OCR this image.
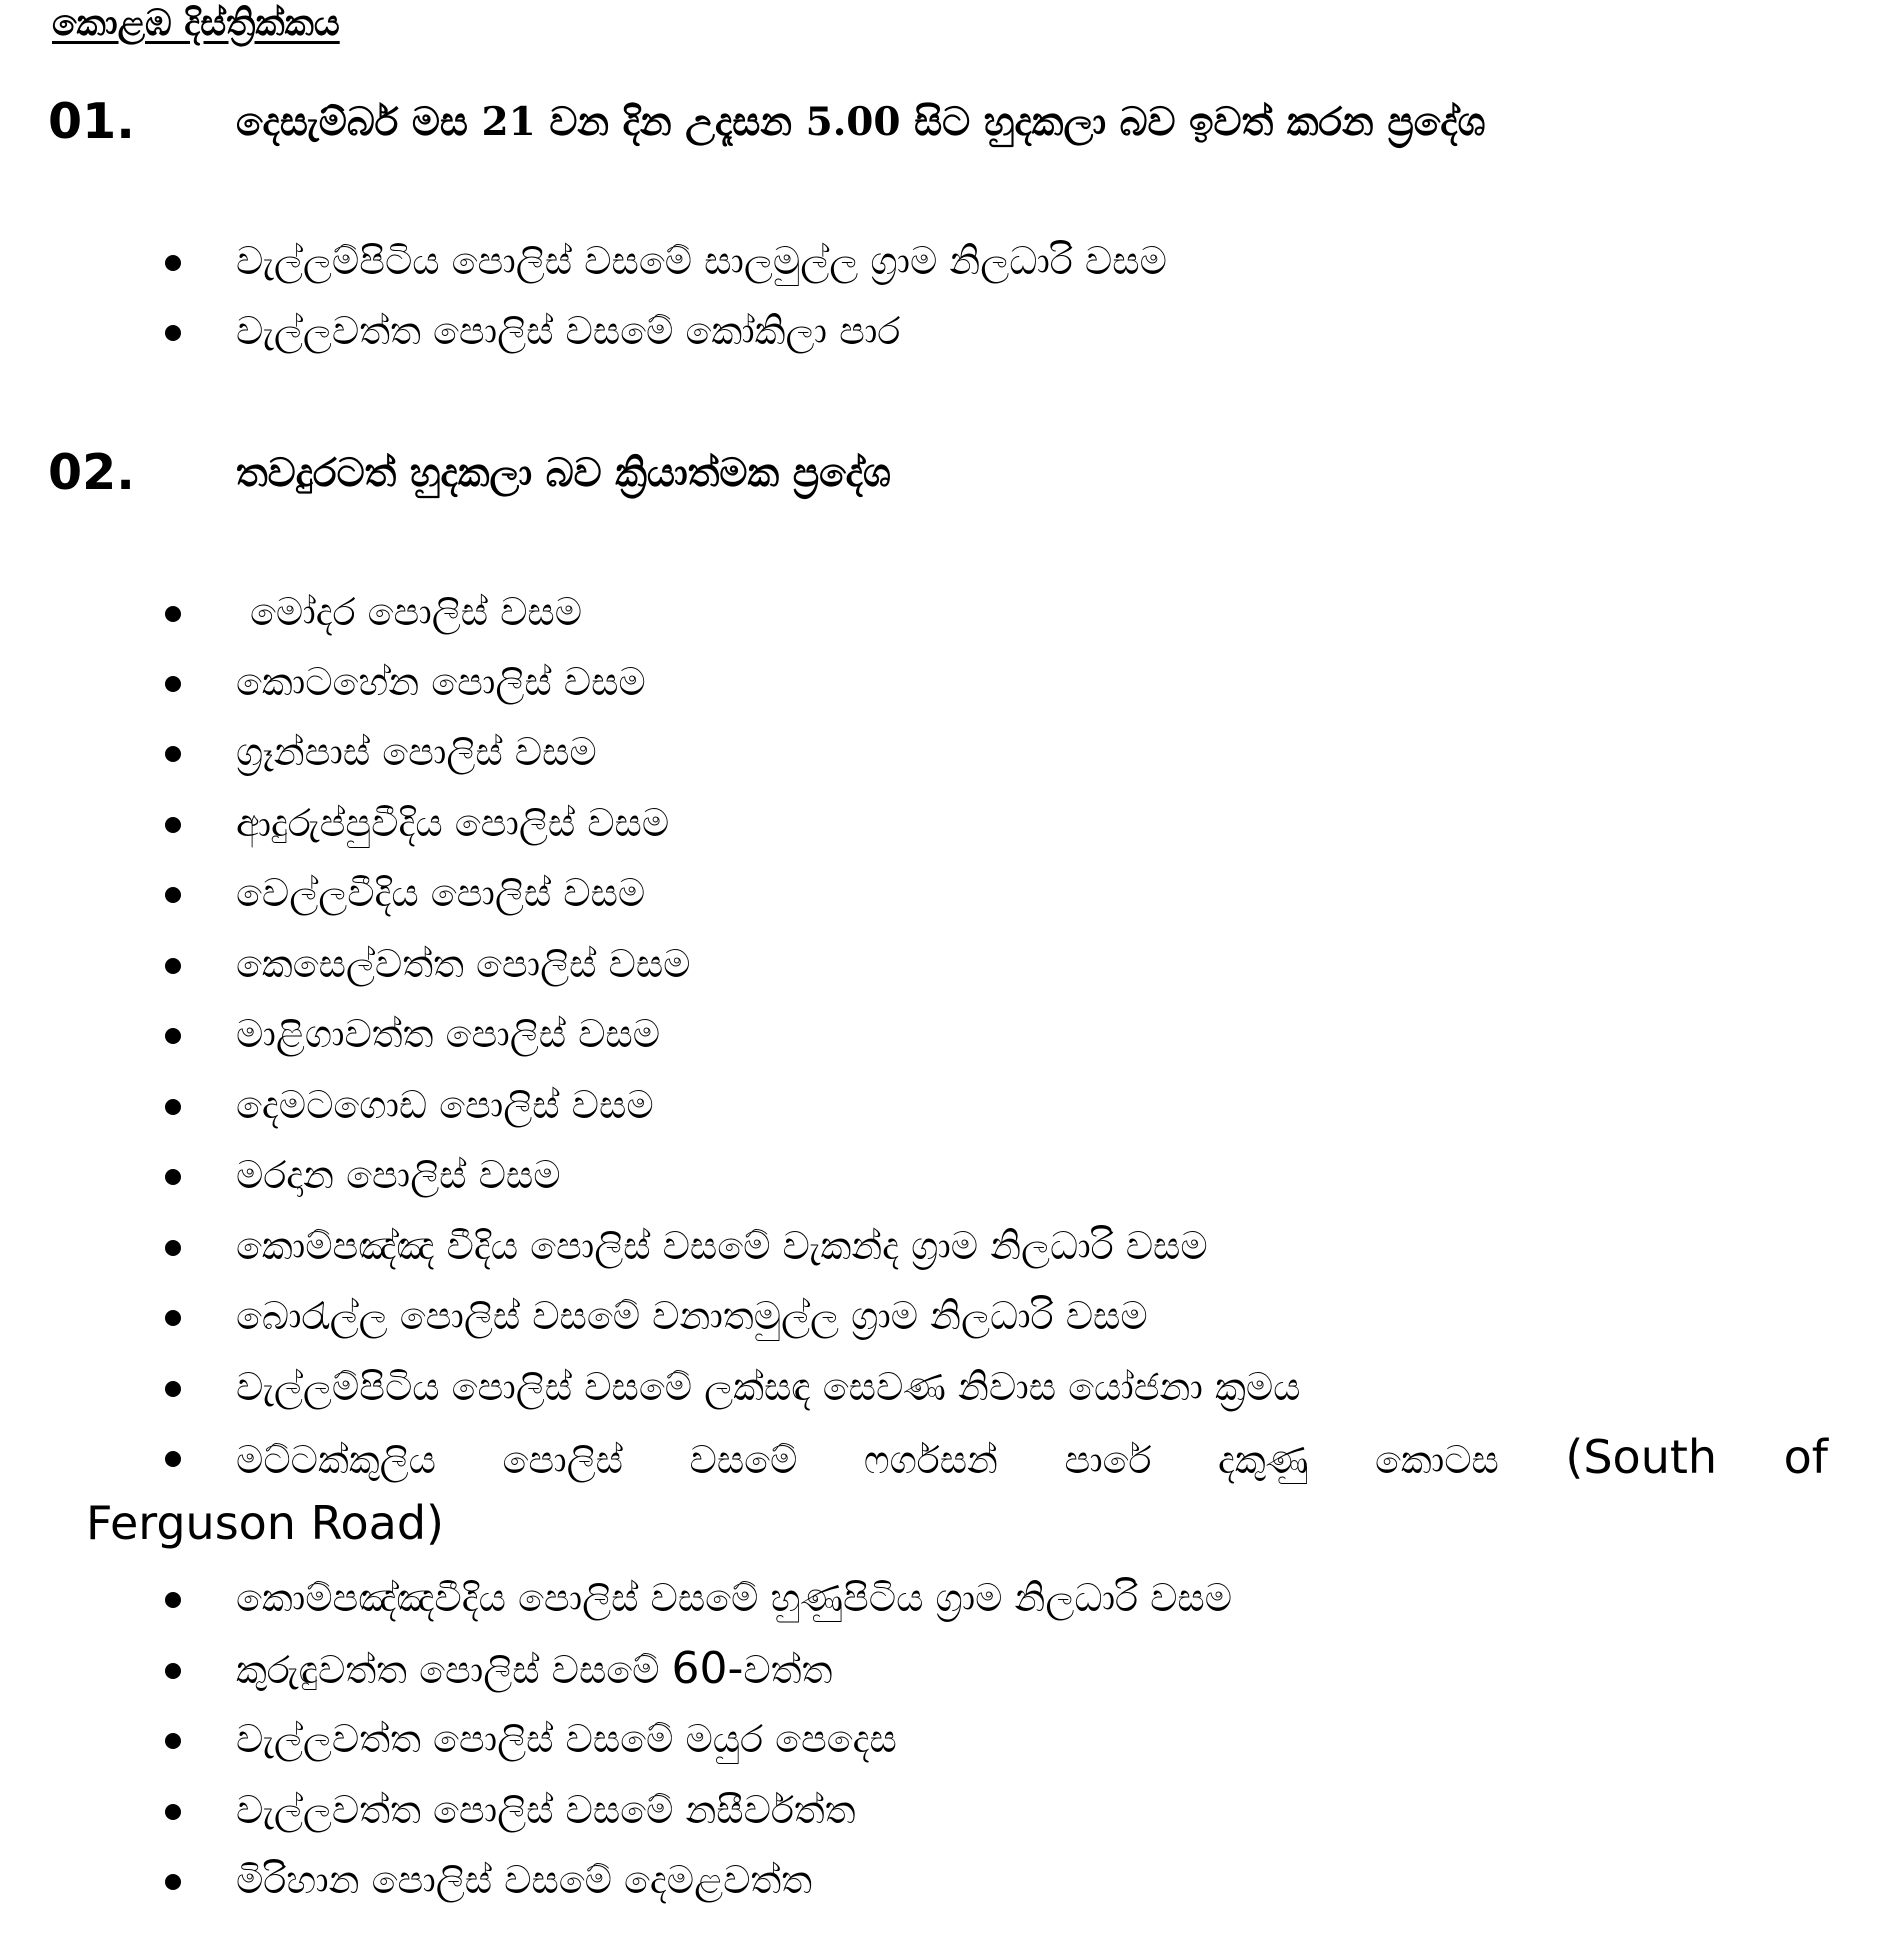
කොළඹ දිස්ත්‍රික්කය
01.	දෙසැම්බර් මස 21 වන දින උදෑසන 5.00 සිට හුදකලා බව ඉවත් කරන ප්‍රදේශ
වැල්ලම්පිටිය පොලිස් වසමේ සාලමුල්ල ග්‍රාම නිලධාරි වසම
වැල්ලවත්ත පොලිස් වසමේ කෝකිලා පාර
02.	තවදුරටත් හුදකලා බව ක්‍රියාත්මක ප්‍රදේශ
මෝදර පොලිස් වසම
කොටහේන පොලිස් වසම
ග්‍රෑන්පාස් පොලිස් වසම
ආදුරුප්පුවීදිය පොලිස් වසම
වෙල්ලවීදිය පොලිස් වසම
කෙසෙල්වත්ත පොලිස් වසම
මාළිගාවත්ත පොලිස් වසම
දෙමටගොඩ පොලිස් වසම
මරදාන පොලිස් වසම
කොම්පඤ්ඤ වීදිය පොලිස් වසමේ වැකන්ද ග්‍රාම නිලධාරි වසම
බොරැල්ල පොලිස් වසමේ වනාතමුල්ල ග්‍රාම නිලධාරි වසම
වැල්ලම්පිටිය පොලිස් වසමේ ලක්සඳ සෙවණ නිවාස යෝජනා ක්‍රමය
මට්ටක්කුලිය පොලිස් වසමේ ෆර්ගසන් පාරේ දකුණු කොටස (South of
Ferguson Road)
කොම්පඤ්ඤවීදිය පොලිස් වසමේ හුණුපිටිය ග්‍රාම නිලධාරි වසම
කුරුඳුවත්ත පොලිස් වසමේ 60-වත්ත
වැල්ලවත්ත පොලිස් වසමේ මයුර පෙදෙස
වැල්ලවත්ත පොලිස් වසමේ නසීර්වත්ත
මිරිහාන පොලිස් වසමේ දෙමළවත්ත
